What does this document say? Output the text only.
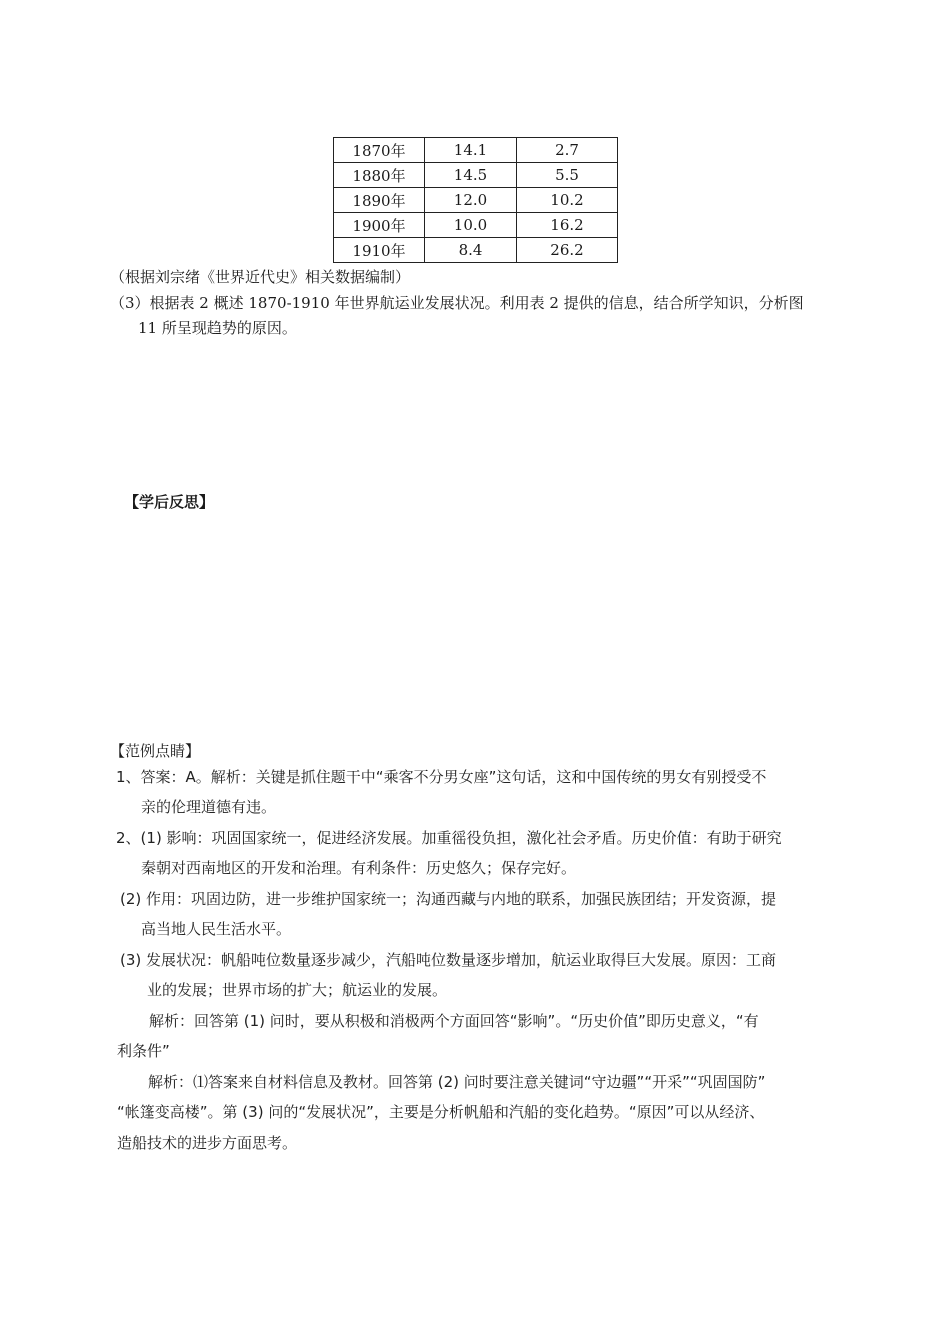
1870年	14.1	2.7
1880年	14.5	5.5
1890年	12.0	10.2
1900年	10.0	16.2
1910年	8.4	26.2
（根据刘宗绪《世界近代史》相关数据编制）
（3）根据表 2 概述 1870-1910 年世界航运业发展状况。利用表 2 提供的信息，结合所学知识，分析图
11 所呈现趋势的原因。
【学后反思】
【范例点睛】
1、答案：A。解析：关键是抓住题干中“乘客不分男女座”这句话，这和中国传统的男女有别授受不
亲的伦理道德有违。
2、(1) 影响：巩固国家统一，促进经济发展。加重徭役负担，激化社会矛盾。历史价值：有助于研究
秦朝对西南地区的开发和治理。有利条件：历史悠久；保存完好。
(2) 作用：巩固边防，进一步维护国家统一；沟通西藏与内地的联系，加强民族团结；开发资源，提
高当地人民生活水平。
(3) 发展状况：帆船吨位数量逐步减少，汽船吨位数量逐步增加，航运业取得巨大发展。原因：工商
业的发展；世界市场的扩大；航运业的发展。
解析：回答第 (1) 问时，要从积极和消极两个方面回答“影响”。“历史价值”即历史意义，“有
利条件”
解析：⑴答案来自材料信息及教材。回答第 (2) 问时要注意关键词“守边疆”“开采”“巩固国防”
“帐篷变高楼”。第 (3) 问的“发展状况”，主要是分析帆船和汽船的变化趋势。“原因”可以从经济、
造船技术的进步方面思考。
